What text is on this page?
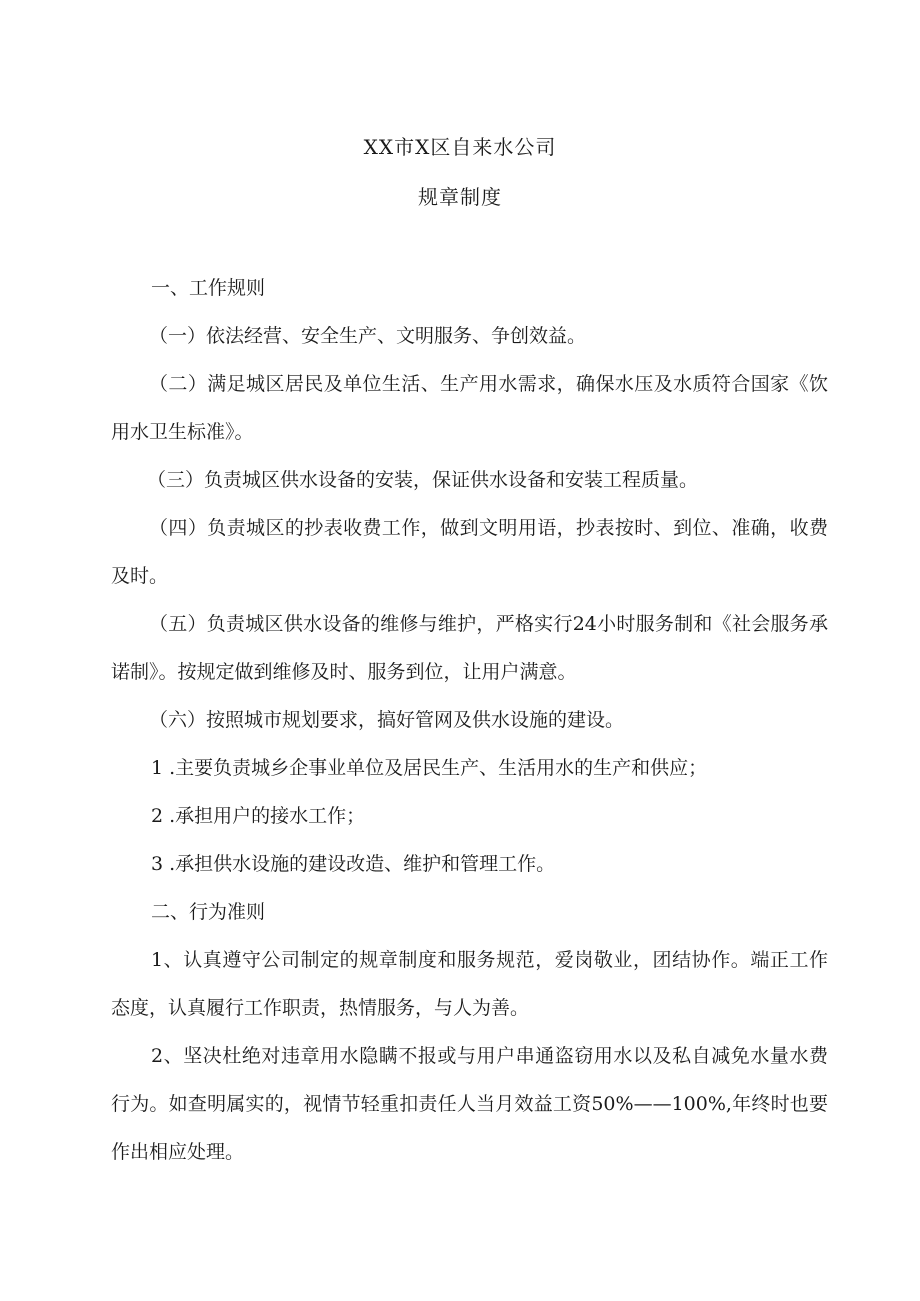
XX市X区自来水公司
规章制度
一、工作规则
（一）依法经营、安全生产、文明服务、争创效益。
（二）满足城区居民及单位生活、生产用水需求，确保水压及水质符合国家《饮用水卫生标准》。
（三）负责城区供水设备的安装，保证供水设备和安装工程质量。
（四）负责城区的抄表收费工作，做到文明用语，抄表按时、到位、准确，收费及时。
（五）负责城区供水设备的维修与维护，严格实行24小时服务制和《社会服务承诺制》。按规定做到维修及时、服务到位，让用户满意。
（六）按照城市规划要求，搞好管网及供水设施的建设。
1 .主要负责城乡企事业单位及居民生产、生活用水的生产和供应；
2 .承担用户的接水工作；
3 .承担供水设施的建设改造、维护和管理工作。
二、行为准则
1、认真遵守公司制定的规章制度和服务规范，爱岗敬业，团结协作。端正工作态度，认真履行工作职责，热情服务，与人为善。
2、坚决杜绝对违章用水隐瞒不报或与用户串通盗窃用水以及私自减免水量水费行为。如查明属实的，视情节轻重扣责任人当月效益工资50%——100%,年终时也要作出相应处理。
